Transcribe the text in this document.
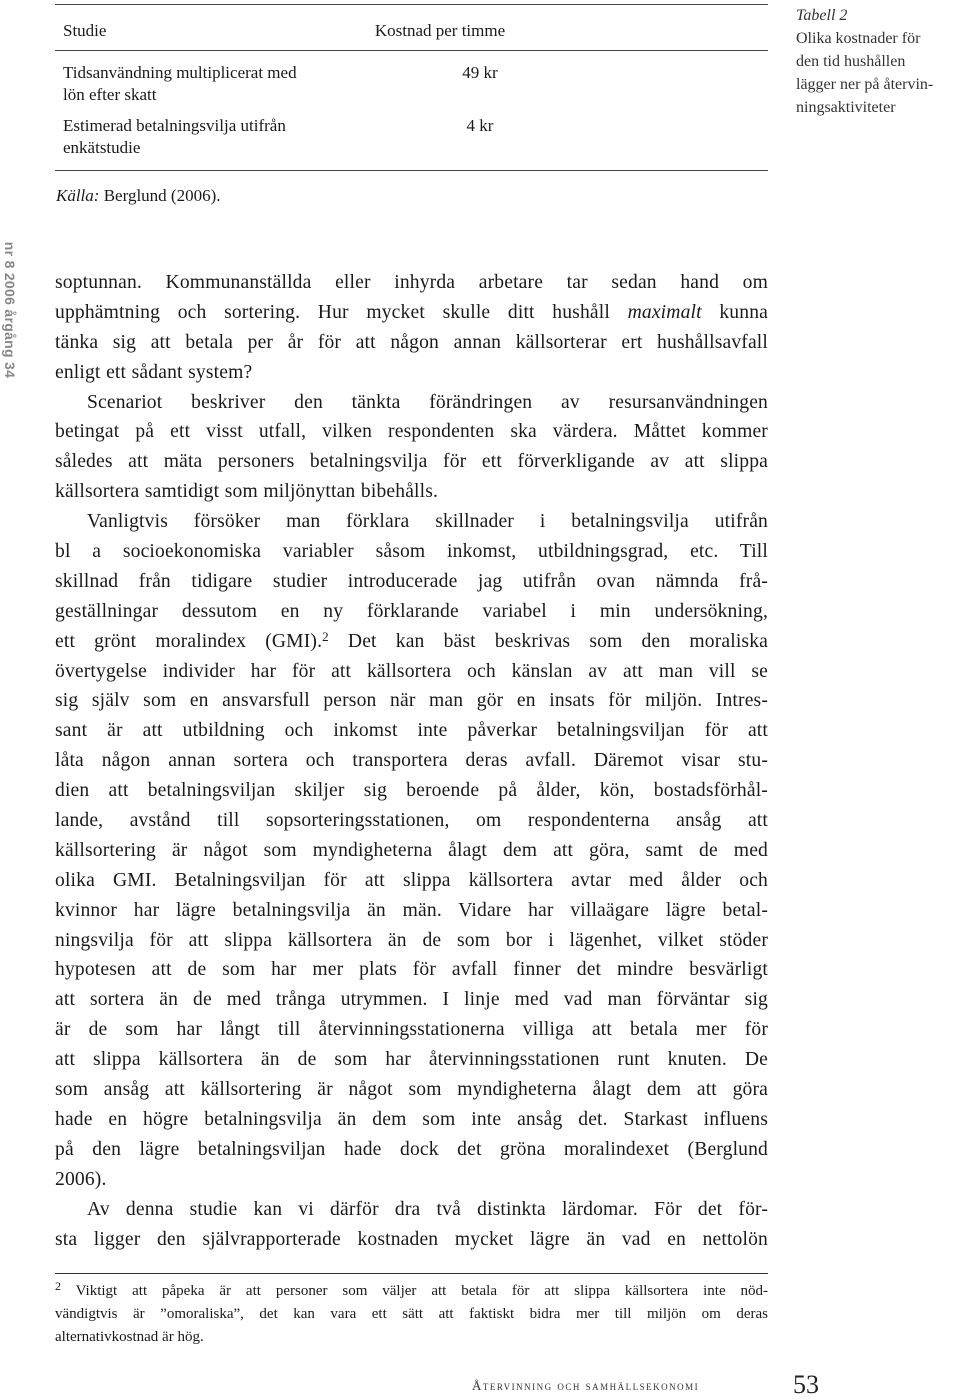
Studie	Kostnad per timme
Tidsanvändning multiplicerat med
lön efter skatt
49 kr
Estimerad betalningsvilja utifrån
enkätstudie
4 kr
Tabell 2
Olika kostnader för
den tid hushållen
lägger ner på återvin-
ningsaktiviteter
Källa: Berglund (2006).
nr 8 2006 årgång 34 soptunnan. Kommunanställda eller inhyrda arbetare tar sedan hand om
upphämtning och sortering. Hur mycket skulle ditt hushåll maximalt kunna
tänka sig att betala per år för att någon annan källsorterar ert hushållsavfall
enligt ett sådant system?
Scenariot beskriver den tänkta förändringen av resursanvändningen
betingat på ett visst utfall, vilken respondenten ska värdera. Måttet kommer
således att mäta personers betalningsvilja för ett förverkligande av att slippa
källsortera samtidigt som miljönyttan bibehålls.
Vanligtvis försöker man förklara skillnader i betalningsvilja utifrån
bl a socioekonomiska variabler såsom inkomst, utbildningsgrad, etc. Till
skillnad från tidigare studier introducerade jag utifrån ovan nämnda frå-
geställningar dessutom en ny förklarande variabel i min undersökning,
ett grönt moralindex (GMI).$^2$ Det kan bäst beskrivas som den moraliska
övertygelse individer har för att källsortera och känslan av att man vill se
sig själv som en ansvarsfull person när man gör en insats för miljön. Intres-
sant är att utbildning och inkomst inte påverkar betalningsviljan för att
låta någon annan sortera och transportera deras avfall. Däremot visar stu-
dien att betalningsviljan skiljer sig beroende på ålder, kön, bostadsförhål-
lande, avstånd till sopsorteringsstationen, om respondenterna ansåg att
källsortering är något som myndigheterna ålagt dem att göra, samt de med
olika GMI. Betalningsviljan för att slippa källsortera avtar med ålder och
kvinnor har lägre betalningsvilja än män. Vidare har villaägare lägre betal-
ningsvilja för att slippa källsortera än de som bor i lägenhet, vilket stöder
hypotesen att de som har mer plats för avfall finner det mindre besvärligt
att sortera än de med trånga utrymmen. I linje med vad man förväntar sig
är de som har långt till återvinningsstationerna villiga att betala mer för
att slippa källsortera än de som har återvinningsstationen runt knuten. De
som ansåg att källsortering är något som myndigheterna ålagt dem att göra
hade en högre betalningsvilja än dem som inte ansåg det. Starkast influens
på den lägre betalningsviljan hade dock det gröna moralindexet (Berglund
2006).
Av denna studie kan vi därför dra två distinkta lärdomar. För det för-
sta ligger den självrapporterade kostnaden mycket lägre än vad en nettolön
$^2$ Viktigt att påpeka är att personer som väljer att betala för att slippa källsortera inte nöd-
vändigtvis är ”omoraliska”, det kan vara ett sätt att faktiskt bidra mer till miljön om deras
alternativkostnad är hög.
Återvinning och samhällsekonomi	53
